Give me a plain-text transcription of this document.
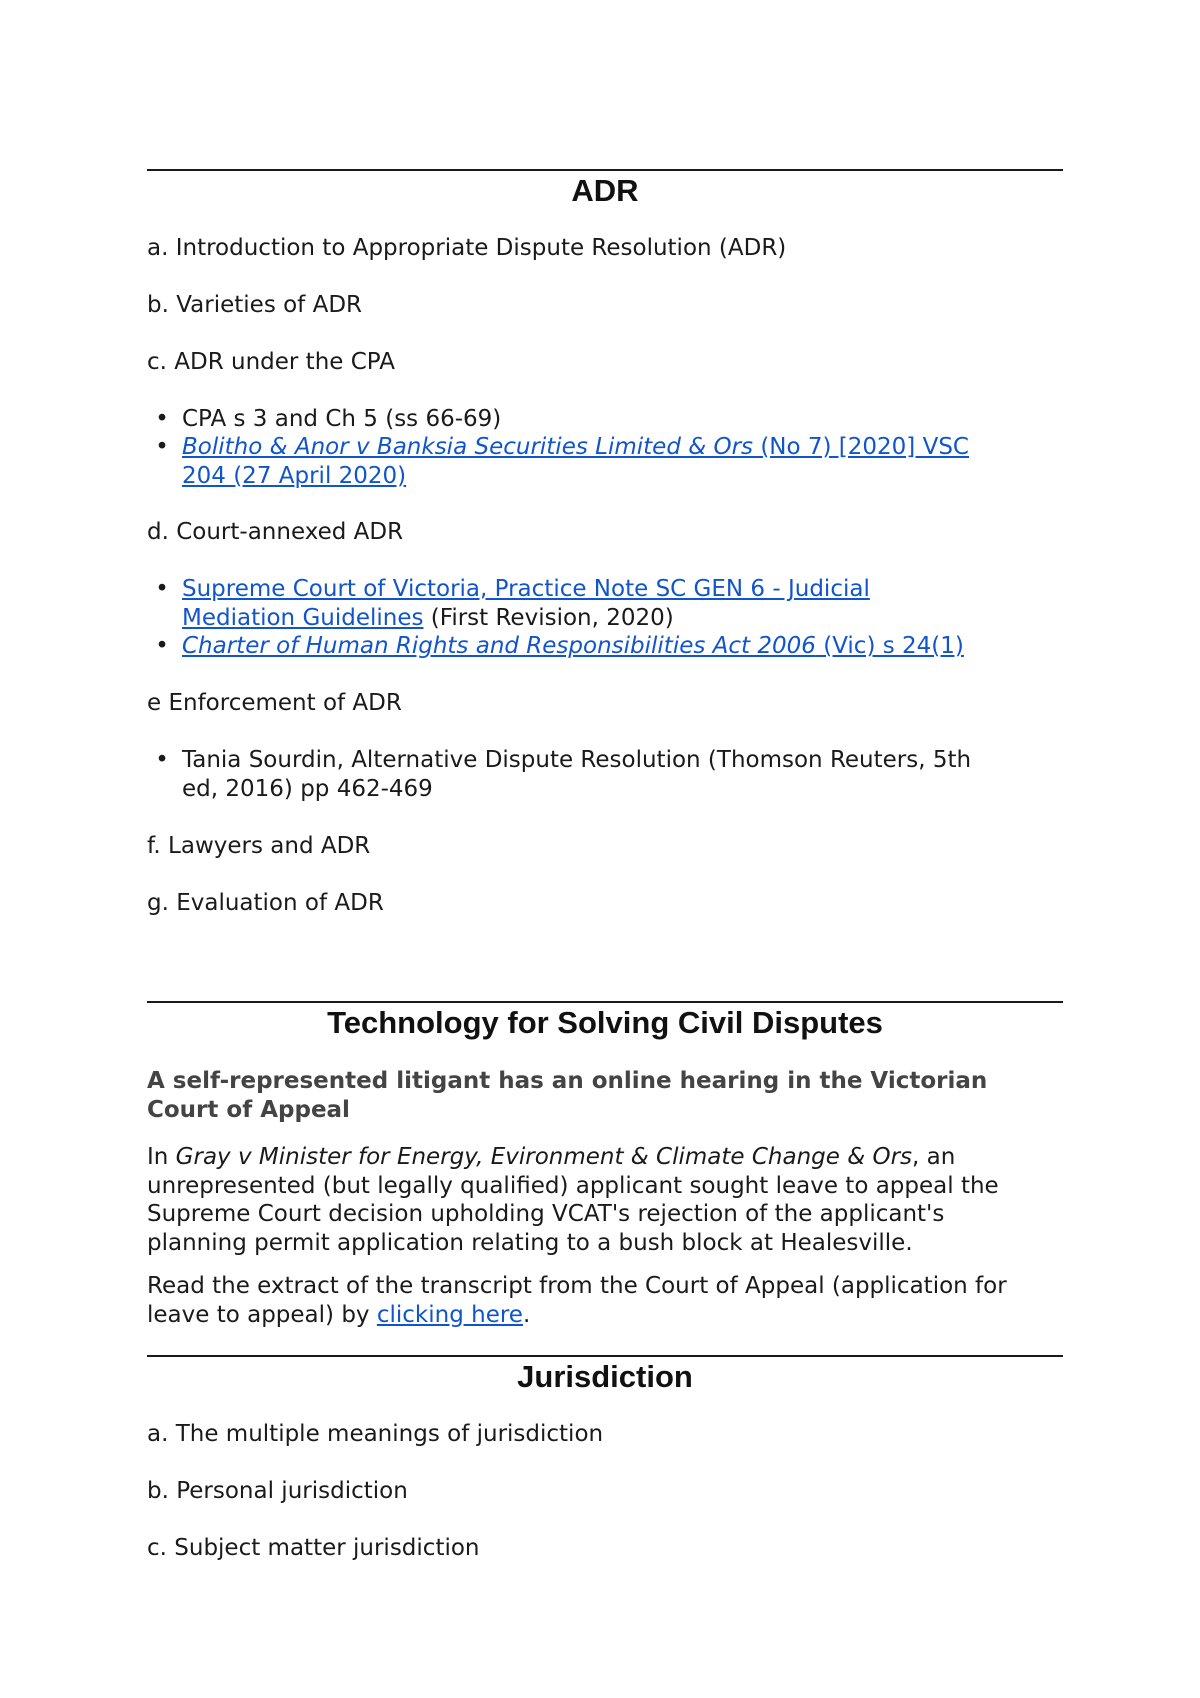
ADR
a. Introduction to Appropriate Dispute Resolution (ADR)
b. Varieties of ADR
c. ADR under the CPA
• CPA s 3 and Ch 5 (ss 66-69)
• Bolitho & Anor v Banksia Securities Limited & Ors (No 7) [2020] VSC
204 (27 April 2020)
d. Court-annexed ADR
• Supreme Court of Victoria, Practice Note SC GEN 6 - Judicial
Mediation Guidelines (First Revision, 2020)
• Charter of Human Rights and Responsibilities Act 2006 (Vic) s 24(1)
e Enforcement of ADR
• Tania Sourdin, Alternative Dispute Resolution (Thomson Reuters, 5th
ed, 2016) pp 462-469
f. Lawyers and ADR
g. Evaluation of ADR
Technology for Solving Civil Disputes
A self-represented litigant has an online hearing in the Victorian
Court of Appeal
In Gray v Minister for Energy, Evironment & Climate Change & Ors, an
unrepresented (but legally qualified) applicant sought leave to appeal the
Supreme Court decision upholding VCAT's rejection of the applicant's
planning permit application relating to a bush block at Healesville.
Read the extract of the transcript from the Court of Appeal (application for
leave to appeal) by clicking here.
Jurisdiction
a. The multiple meanings of jurisdiction
b. Personal jurisdiction
c. Subject matter jurisdiction
